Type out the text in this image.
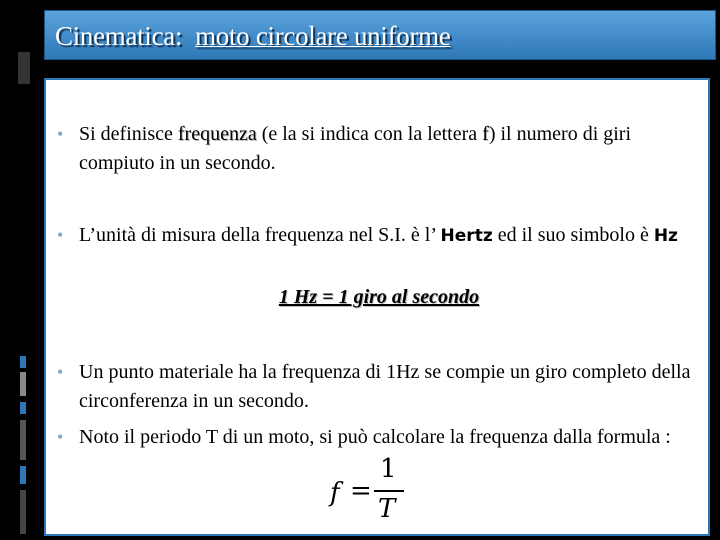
Cinematica: moto circolare uniforme
• Si definisce frequenza (e la si indica con la lettera f) il numero di giri compiuto in un secondo.
• L’unità di misura della frequenza nel S.I. è l’ Hertz ed il suo simbolo è Hz
1 Hz = 1 giro al secondo
• Un punto materiale ha la frequenza di 1Hz se compie un giro completo della circonferenza in un secondo.
• Noto il periodo T di un moto, si può calcolare la frequenza dalla formula :
f =
1
T
